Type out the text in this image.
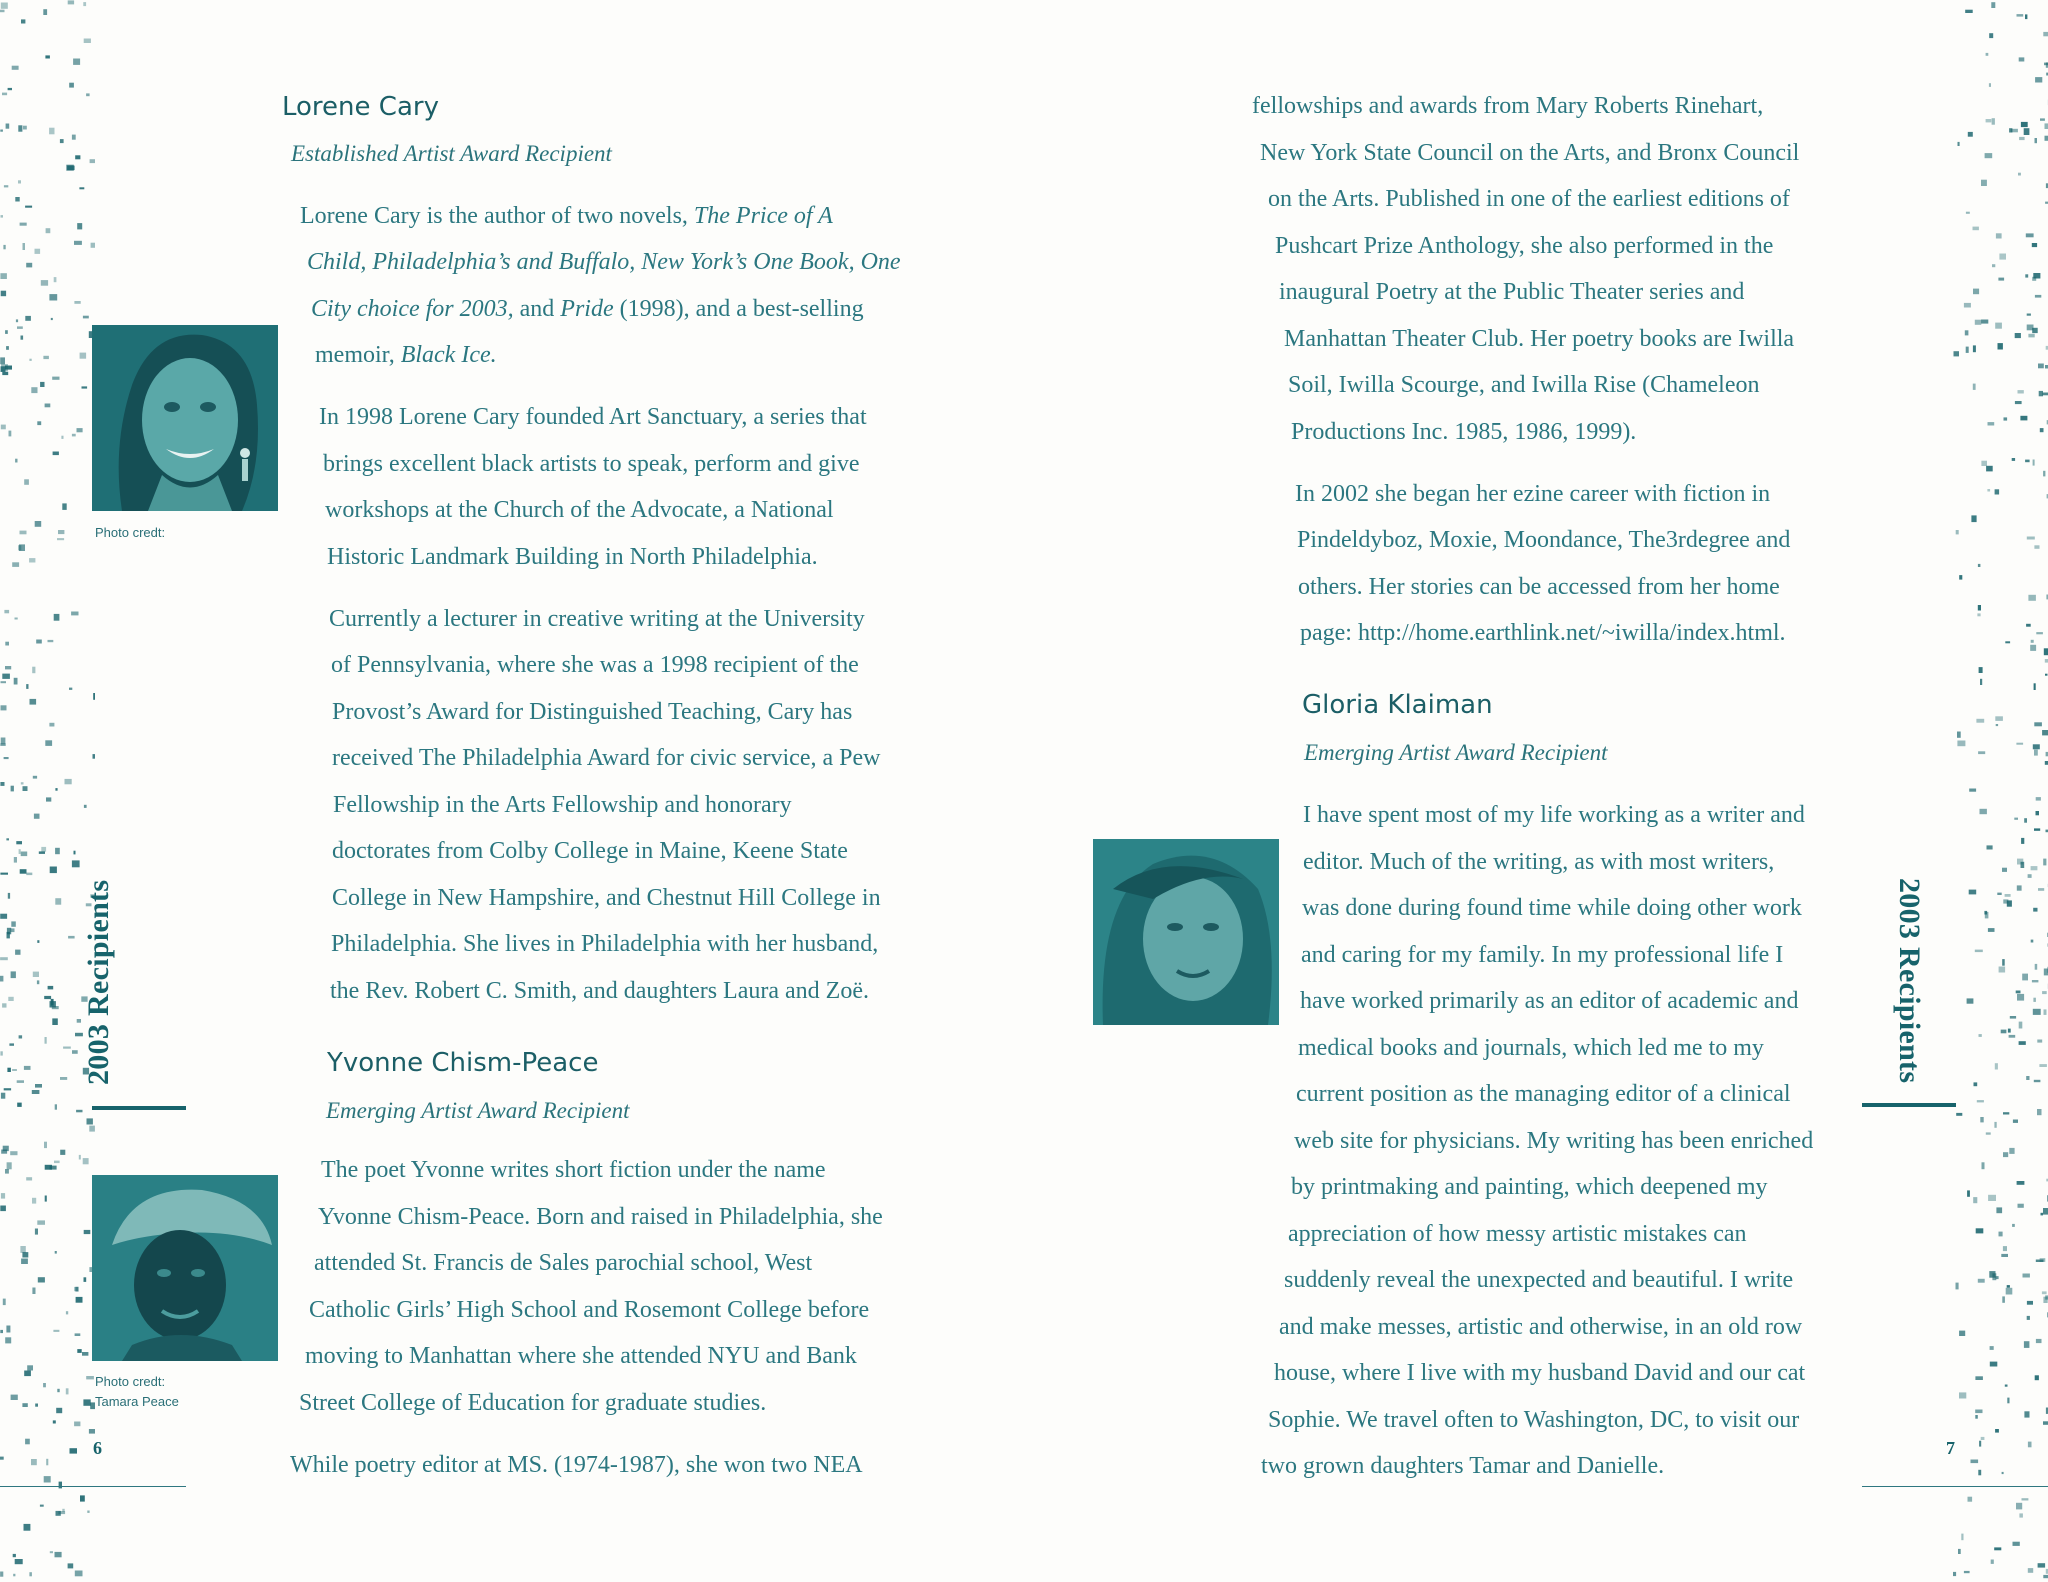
2003 Recipients
6
Photo credt:
Lorene Cary
Established Artist Award Recipient
Lorene Cary is the author of two novels, The Price of A
Child, Philadelphia’s and Buffalo, New York’s One Book, One
City choice for 2003, and Pride (1998), and a best-selling
memoir, Black Ice.
In 1998 Lorene Cary founded Art Sanctuary, a series that
brings excellent black artists to speak, perform and give
workshops at the Church of the Advocate, a National
Historic Landmark Building in North Philadelphia.
Currently a lecturer in creative writing at the University
of Pennsylvania, where she was a 1998 recipient of the
Provost’s Award for Distinguished Teaching, Cary has
received The Philadelphia Award for civic service, a Pew
Fellowship in the Arts Fellowship and honorary
doctorates from Colby College in Maine, Keene State
College in New Hampshire, and Chestnut Hill College in
Philadelphia. She lives in Philadelphia with her husband,
the Rev. Robert C. Smith, and daughters Laura and Zoë.
Yvonne Chism-Peace
Emerging Artist Award Recipient
Photo credt:
Tamara Peace
The poet Yvonne writes short fiction under the name
Yvonne Chism-Peace. Born and raised in Philadelphia, she
attended St. Francis de Sales parochial school, West
Catholic Girls’ High School and Rosemont College before
moving to Manhattan where she attended NYU and Bank
Street College of Education for graduate studies.
While poetry editor at MS. (1974-1987), she won two NEA
2003 Recipients
7
fellowships and awards from Mary Roberts Rinehart,
New York State Council on the Arts, and Bronx Council
on the Arts. Published in one of the earliest editions of
Pushcart Prize Anthology, she also performed in the
inaugural Poetry at the Public Theater series and
Manhattan Theater Club. Her poetry books are Iwilla
Soil, Iwilla Scourge, and Iwilla Rise (Chameleon
Productions Inc. 1985, 1986, 1999).
In 2002 she began her ezine career with fiction in
Pindeldyboz, Moxie, Moondance, The3rdegree and
others. Her stories can be accessed from her home
page: http://home.earthlink.net/~iwilla/index.html.
Gloria Klaiman
Emerging Artist Award Recipient
I have spent most of my life working as a writer and
editor. Much of the writing, as with most writers,
was done during found time while doing other work
and caring for my family. In my professional life I
have worked primarily as an editor of academic and
medical books and journals, which led me to my
current position as the managing editor of a clinical
web site for physicians. My writing has been enriched
by printmaking and painting, which deepened my
appreciation of how messy artistic mistakes can
suddenly reveal the unexpected and beautiful. I write
and make messes, artistic and otherwise, in an old row
house, where I live with my husband David and our cat
Sophie. We travel often to Washington, DC, to visit our
two grown daughters Tamar and Danielle.
